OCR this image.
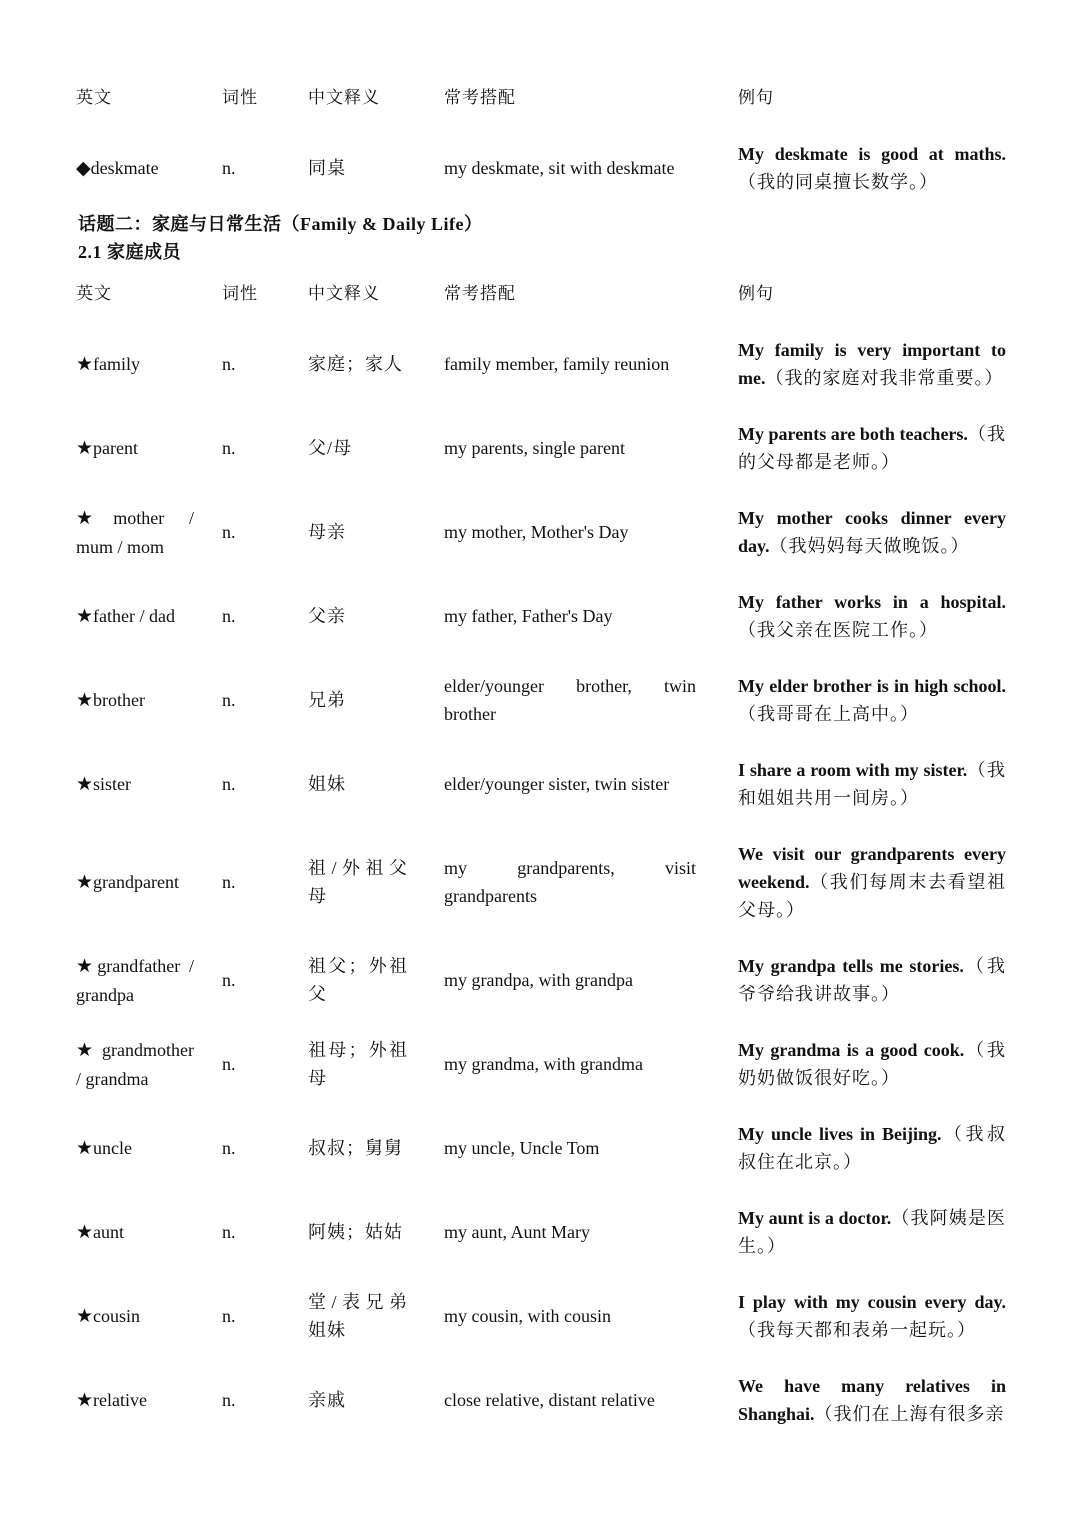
英文	词性	中文释义	常考搭配	例句
◆deskmate	n.	同桌	my deskmate, sit with deskmate	My deskmate is good at maths.（我的同桌擅长数学。）
话题二：家庭与日常生活（Family & Daily Life）
2.1 家庭成员
英文	词性	中文释义	常考搭配	例句
★family	n.	家庭；家人	family member, family reunion	My family is very important to me.（我的家庭对我非常重要。）
★parent	n.	父/母	my parents, single parent	My parents are both teachers.（我的父母都是老师。）
★mother / mum / mom	n.	母亲	my mother, Mother's Day	My mother cooks dinner every day.（我妈妈每天做晚饭。）
★father / dad	n.	父亲	my father, Father's Day	My father works in a hospital.（我父亲在医院工作。）
★brother	n.	兄弟	elder/younger brother, twin brother	My elder brother is in high school.（我哥哥在上高中。）
★sister	n.	姐妹	elder/younger sister, twin sister	I share a room with my sister.（我和姐姐共用一间房。）
★grandparent	n.	祖/外祖父母	my grandparents, visit grandparents	We visit our grandparents every weekend.（我们每周末去看望祖父母。）
★grandfather / grandpa	n.	祖父；外祖父	my grandpa, with grandpa	My grandpa tells me stories.（我爷爷给我讲故事。）
★grandmother / grandma	n.	祖母；外祖母	my grandma, with grandma	My grandma is a good cook.（我奶奶做饭很好吃。）
★uncle	n.	叔叔；舅舅	my uncle, Uncle Tom	My uncle lives in Beijing.（我叔叔住在北京。）
★aunt	n.	阿姨；姑姑	my aunt, Aunt Mary	My aunt is a doctor.（我阿姨是医生。）
★cousin	n.	堂/表兄弟姐妹	my cousin, with cousin	I play with my cousin every day.（我每天都和表弟一起玩。）
★relative	n.	亲戚	close relative, distant relative	We have many relatives in Shanghai.（我们在上海有很多亲
